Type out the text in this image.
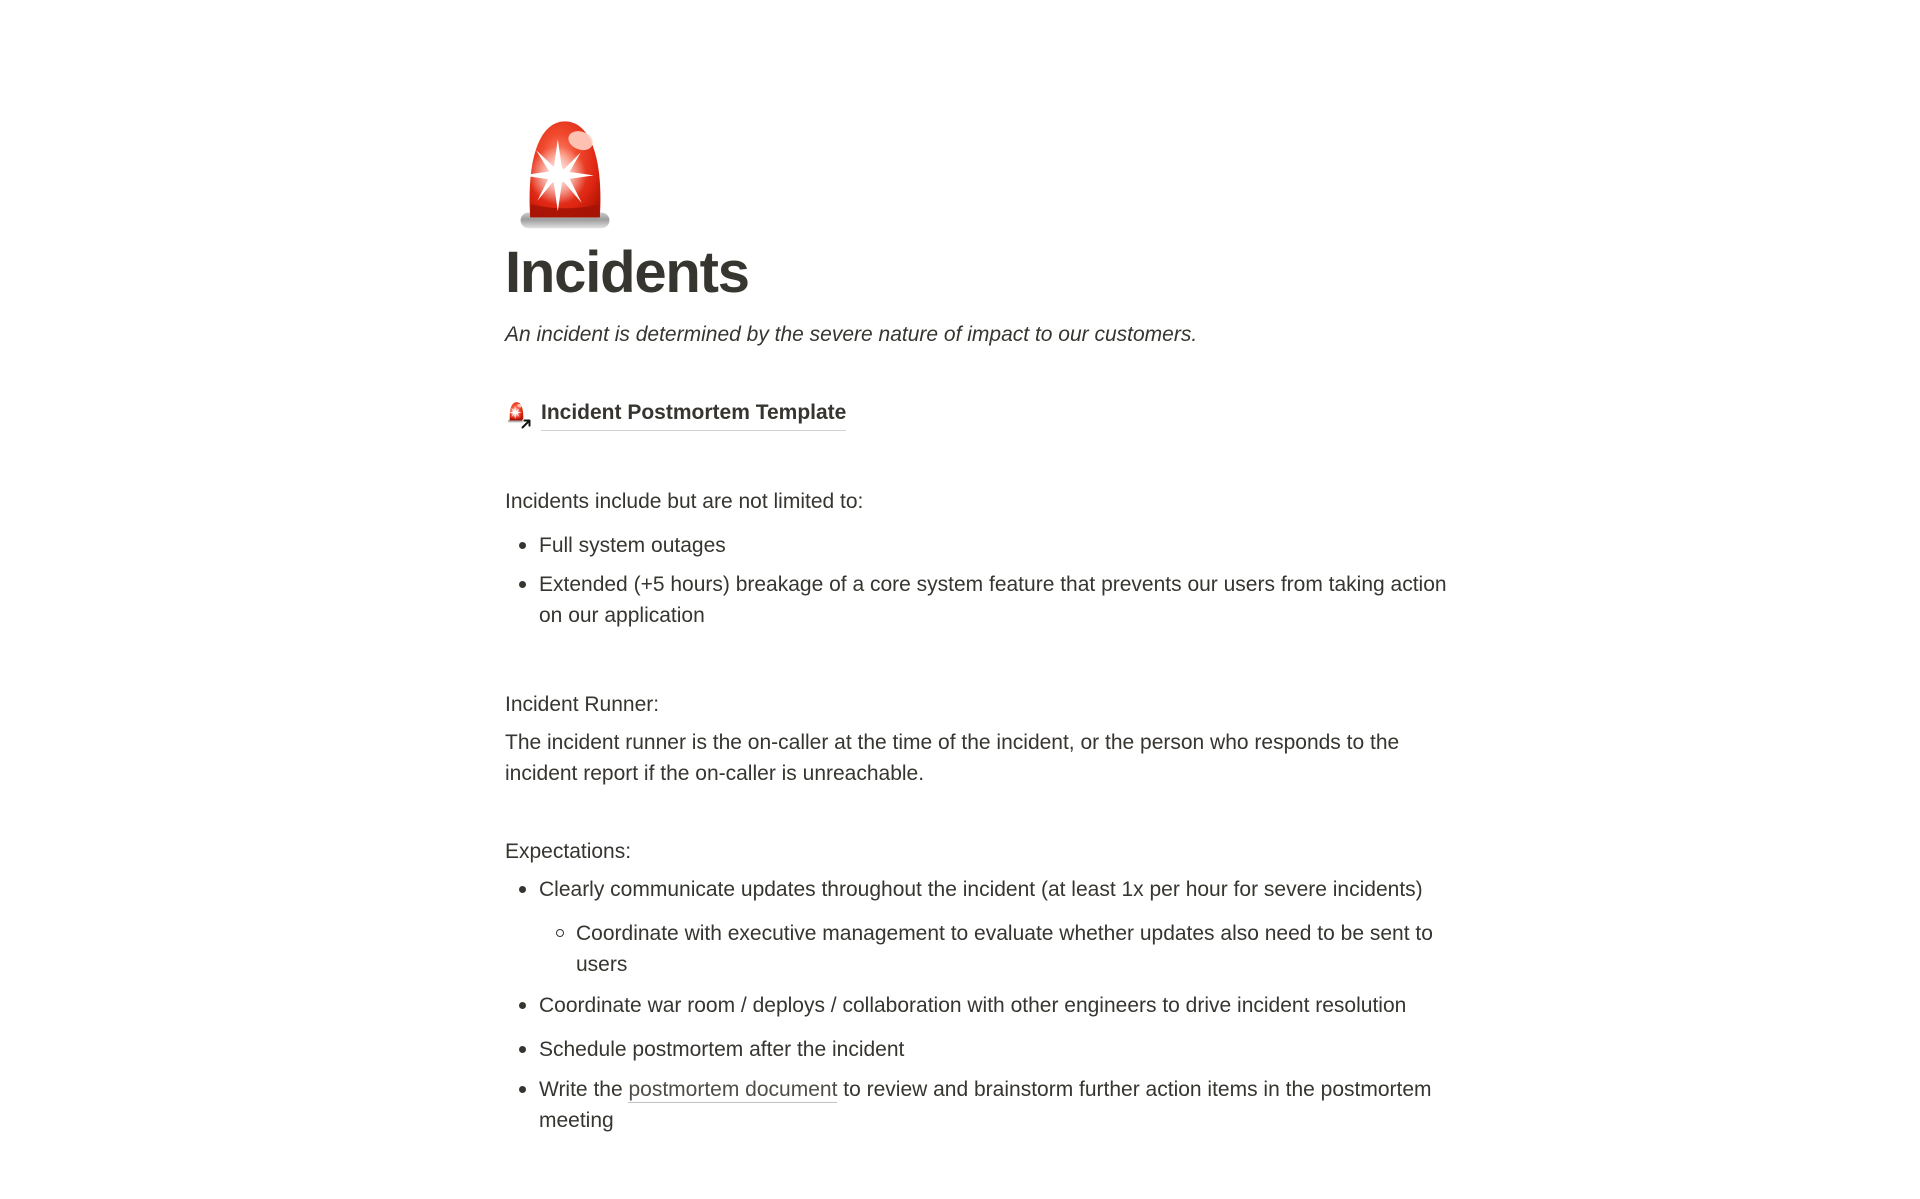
Incidents
An incident is determined by the severe nature of impact to our customers.
Incident Postmortem Template

Incidents include but are not limited to:

Full system outages
Extended (+5 hours) breakage of a core system feature that prevents our users from taking action on our application

Incident Runner:

The incident runner is the on-caller at the time of the incident, or the person who responds to the incident report if the on-caller is unreachable.

Expectations:

Clearly communicate updates throughout the incident (at least 1x per hour for severe incidents)
Coordinate with executive management to evaluate whether updates also need to be sent to users
Coordinate war room / deploys / collaboration with other engineers to drive incident resolution
Schedule postmortem after the incident
Write the postmortem document to review and brainstorm further action items in the postmortem meeting
